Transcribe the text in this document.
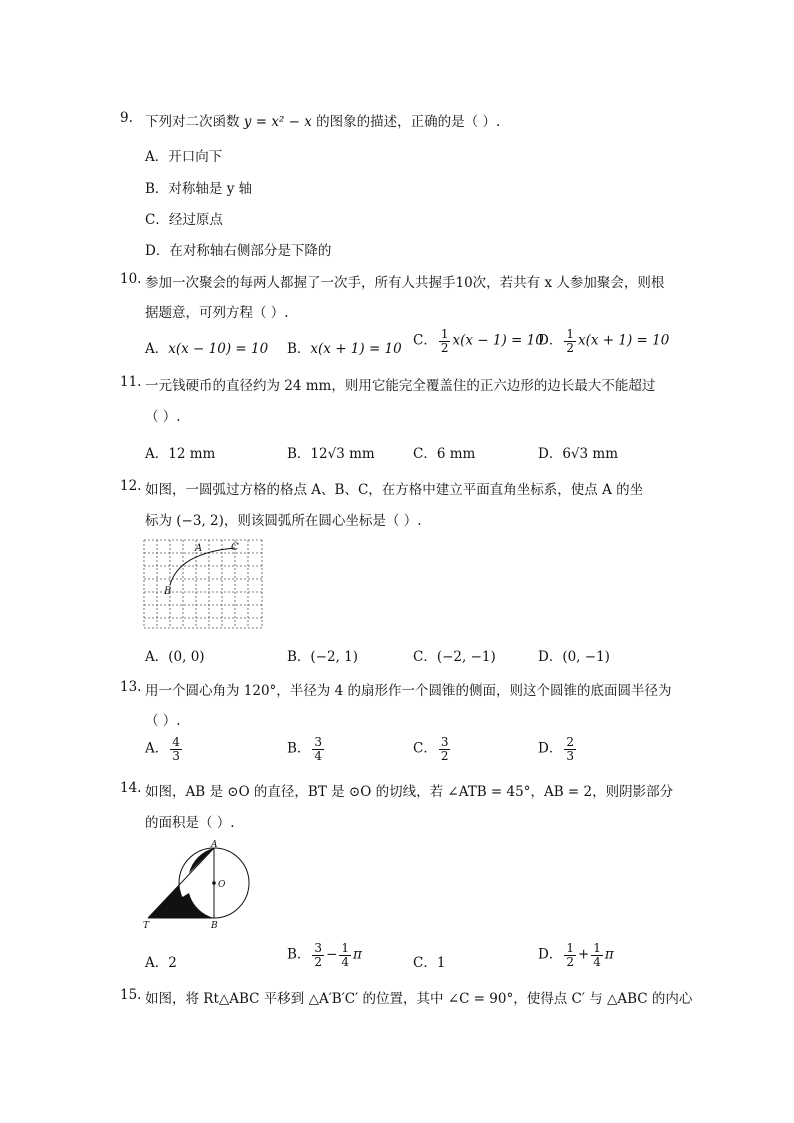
9. 下列对二次函数 y = x² − x 的图象的描述，正确的是（ ）.
A．开口向下
B．对称轴是 y 轴
C．经过原点
D．在对称轴右侧部分是下降的
10. 参加一次聚会的每两人都握了一次手，所有人共握手10次，若共有 x 人参加聚会，则根
据题意，可列方程（ ）.
A．x(x − 10) = 10 B．x(x + 1) = 10
C． $\frac{1}{2} x(x - 1) = 10$
D． $\frac{1}{2} x(x + 1) = 10$
11. 一元钱硬币的直径约为 24 mm，则用它能完全覆盖住的正六边形的边长最大不能超过
（ ）.
A．12 mm	B．12√3 mm	C．6 mm	D．6√3 mm
12. 如图，一圆弧过方格的格点 A、B、C，在方格中建立平面直角坐标系，使点 A 的坐
标为 (−3, 2)，则该圆弧所在圆心坐标是（ ）.
A	C
B
A．(0, 0)	B．(−2, 1)	C．(−2, −1)	D．(0, −1)
13. 用一个圆心角为 120°，半径为 4 的扇形作一个圆锥的侧面，则这个圆锥的底面圆半径为
（ ）.
A． $\frac{4}{3}$	B． $\frac{3}{4}$	C． $\frac{3}{2}$	D． $\frac{2}{3}$
14. 如图，AB 是 ⊙O 的直径，BT 是 ⊙O 的切线，若 ∠ATB = 45°，AB = 2，则阴影部分
的面积是（ ）.
A
O
B
T
A．2
B． $\frac{3}{2} - \frac{1}{4}$ π
C．1
D． $\frac{1}{2} + \frac{1}{4}$ π
15. 如图，将 Rt△ABC 平移到 △A′B′C′ 的位置，其中 ∠C = 90°，使得点 C′ 与 △ABC 的内心
